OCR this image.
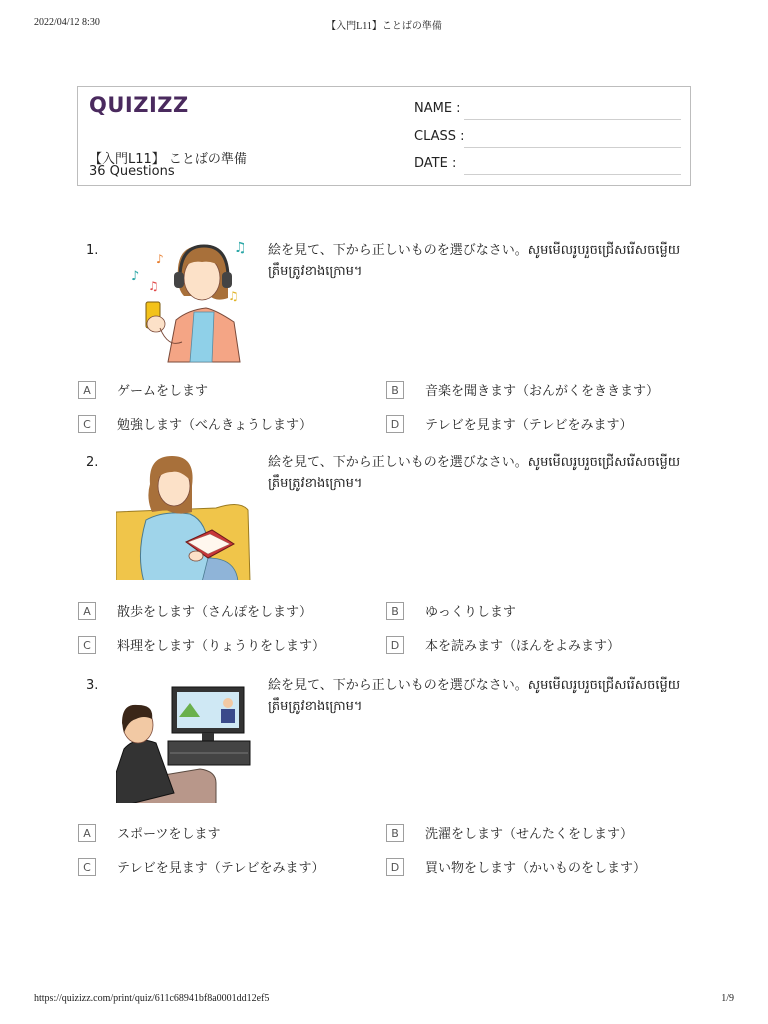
2022/04/12 8:30	【入門L11】ことばの準備
QUIZIZZ
【入門L11】 ことばの準備
36 Questions
NAME :
CLASS :
DATE :
1.	♫
♪
♪
♫
♫
絵を見て、下から正しいものを選びなさい。សូមមើលរូបរួចជ្រើសរើសចម្លើយត្រឹមត្រូវខាងក្រោម។
A	ゲームをします	B	音楽を聞きます（おんがくをききます）
C	勉強します（べんきょうします）	D	テレビを見ます（テレビをみます）
2.	絵を見て、下から正しいものを選びなさい。សូមមើលរូបរួចជ្រើសរើសចម្លើយត្រឹមត្រូវខាងក្រោម។
A	散歩をします（さんぽをします）	B	ゆっくりします
C	料理をします（りょうりをします）	D	本を読みます（ほんをよみます）
3.	絵を見て、下から正しいものを選びなさい。សូមមើលរូបរួចជ្រើសរើសចម្លើយត្រឹមត្រូវខាងក្រោម។
A	スポーツをします	B	洗濯をします（せんたくをします）
C	テレビを見ます（テレビをみます）	D	買い物をします（かいものをします）
https://quizizz.com/print/quiz/611c68941bf8a0001dd12ef5	1/9
